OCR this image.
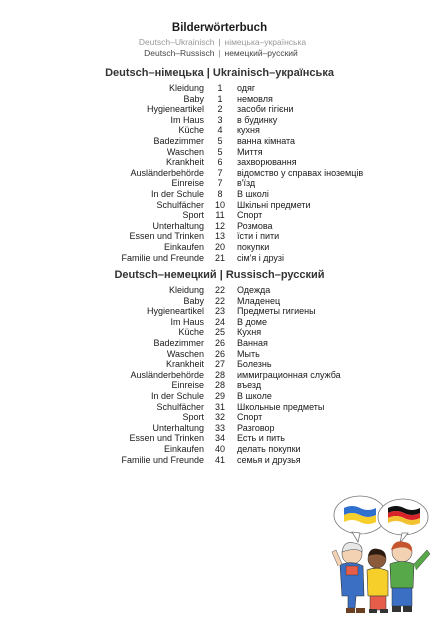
Bilderwörterbuch
Deutsch–Ukrainisch | німецька–українська
Deutsch–Russisch | немецкий–русский
Deutsch–німецька | Ukrainisch–українська
Kleidung	1	одяг
Baby	1	немовля
Hygieneartikel	2	засоби гігієни
Im Haus	3	в будинку
Küche	4	кухня
Badezimmer	5	ванна кімната
Waschen	5	Миття
Krankheit	6	захворювання
Ausländerbehörde	7	відомство у справах іноземців
Einreise	7	в'їзд
In der Schule	8	В школі
Schulfächer 10 Шкільні предмети
Sport 11 Спорт
Unterhaltung 12 Розмова
Essen und Trinken 13 їсти і пити
Einkaufen 20 покупки
Familie und Freunde 21 сім'я і друзі
Deutsch–немецкий | Russisch–русский
Kleidung 22 Одежда
Baby 22 Младенец
Hygieneartikel 23 Предметы гигиены
Im Haus 24 В доме
Küche 25 Кухня
Badezimmer 26 Ванная
Waschen 26 Мыть
Krankheit 27 Болезнь
Ausländerbehörde 28 иммиграционная служба
Einreise 28 въезд
In der Schule 29 В школе
Schulfächer 31 Школьные предметы
Sport 32 Спорт
Unterhaltung 33 Разговор
Essen und Trinken 34 Есть и пить
Einkaufen 40 делать покупки
Familie und Freunde 41 семья и друзья
